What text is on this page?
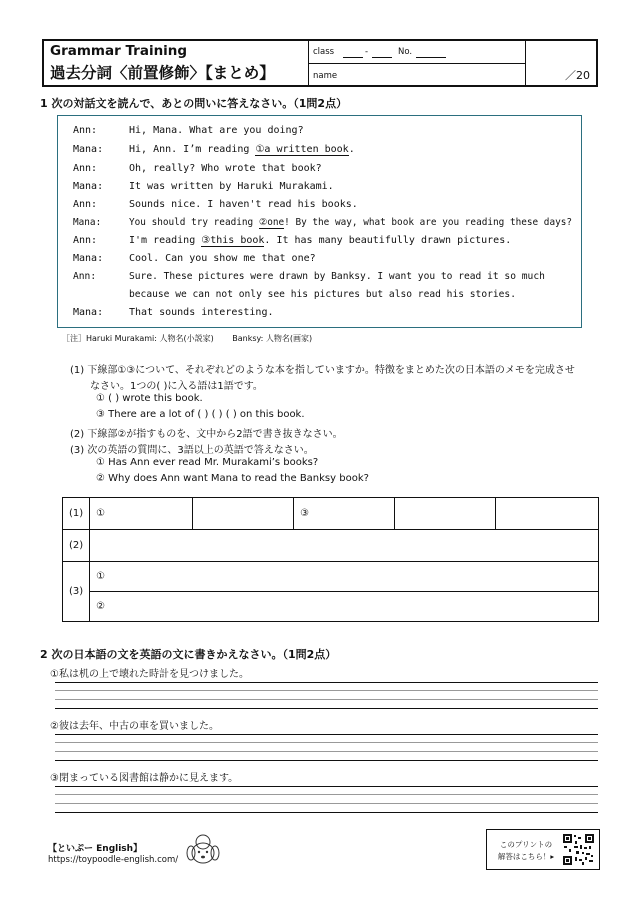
Grammar Training
過去分詞〈前置修飾〉【まとめ】
class	-	No.
name	／20
1 次の対話文を読んで、あとの問いに答えなさい。（1問2点）
Ann:	Hi, Mana. What are you doing?
Mana:	Hi, Ann. I’m reading ①a written book.
Ann:	Oh, really? Who wrote that book?
Mana:	It was written by Haruki Murakami.
Ann:	Sounds nice. I haven't read his books.
Mana:	You should try reading ②one! By the way, what book are you reading these days?
Ann:	I'm reading ③this book. It has many beautifully drawn pictures.
Mana:	Cool. Can you show me that one?
Ann:	Sure. These pictures were drawn by Banksy. I want you to read it so much
because we can not only see his pictures but also read his stories.
Mana:	That sounds interesting.
［注］Haruki Murakami: 人物名(小説家)　　 Banksy: 人物名(画家)
(1) 下線部①③について、それぞれどのような本を指していますか。特徴をまとめた次の日本語のメモを完成させ
なさい。1つの( )に入る語は1語です。
① ( ) wrote this book.
③ There are a lot of ( ) ( ) ( ) on this book.
(2) 下線部②が指すものを、文中から2語で書き抜きなさい。
(3) 次の英語の質問に、3語以上の英語で答えなさい。
① Has Ann ever read Mr. Murakami’s books?
② Why does Ann want Mana to read the Banksy book?
(1)	①		③		
(2)					
(3)	①				
	②				
2 次の日本語の文を英語の文に書きかえなさい。（1問2点）
①私は机の上で壊れた時計を見つけました。
②彼は去年、中古の車を買いました。
③閉まっている図書館は静かに見えます。
【といぷー English】
https://toypoodle-english.com/
このプリントの
解答はこちら！▸
